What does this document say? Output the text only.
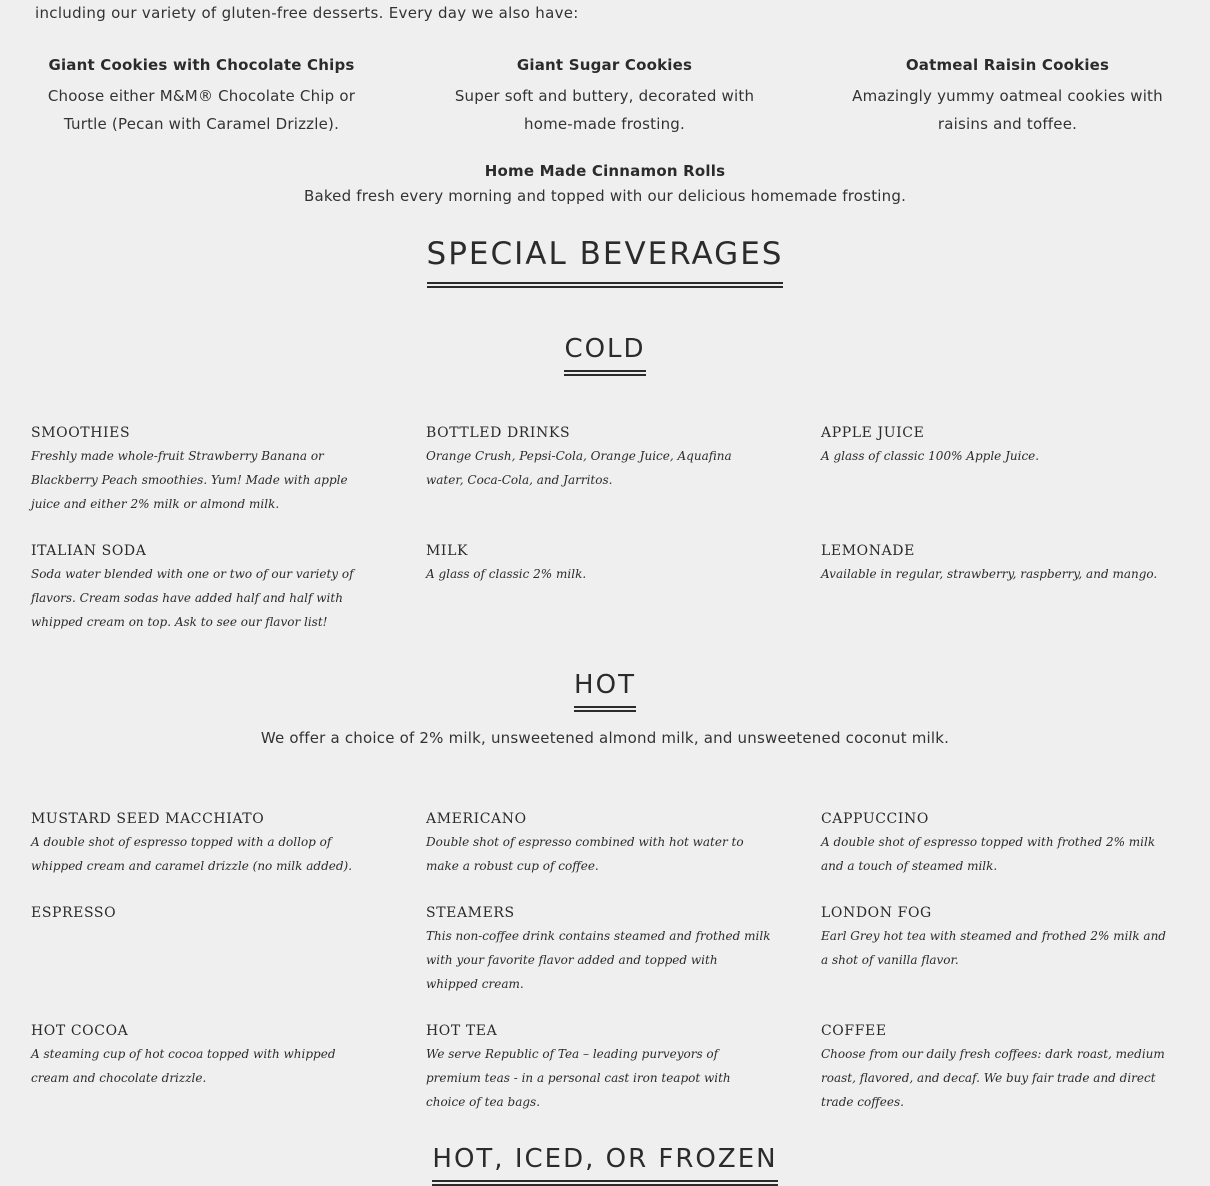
including our variety of gluten-free desserts. Every day we also have:
Giant Cookies with Chocolate Chips
Choose either M&M® Chocolate Chip or Turtle (Pecan with Caramel Drizzle).
Giant Sugar Cookies
Super soft and buttery, decorated with home-made frosting.
Oatmeal Raisin Cookies
Amazingly yummy oatmeal cookies with raisins and toffee.
Home Made Cinnamon Rolls
Baked fresh every morning and topped with our delicious homemade frosting.
SPECIAL BEVERAGES
COLD
SMOOTHIES
Freshly made whole-fruit Strawberry Banana or Blackberry Peach smoothies. Yum! Made with apple juice and either 2% milk or almond milk.
BOTTLED DRINKS
Orange Crush, Pepsi-Cola, Orange Juice, Aquafina water, Coca-Cola, and Jarritos.
APPLE JUICE
A glass of classic 100% Apple Juice.
ITALIAN SODA
Soda water blended with one or two of our variety of flavors. Cream sodas have added half and half with whipped cream on top. Ask to see our flavor list!
MILK
A glass of classic 2% milk.
LEMONADE
Available in regular, strawberry, raspberry, and mango.
HOT
We offer a choice of 2% milk, unsweetened almond milk, and unsweetened coconut milk.
MUSTARD SEED MACCHIATO
A double shot of espresso topped with a dollop of whipped cream and caramel drizzle (no milk added).
AMERICANO
Double shot of espresso combined with hot water to make a robust cup of coffee.
CAPPUCCINO
A double shot of espresso topped with frothed 2% milk and a touch of steamed milk.
ESPRESSO	STEAMERS
This non-coffee drink contains steamed and frothed milk with your favorite flavor added and topped with whipped cream.
LONDON FOG
Earl Grey hot tea with steamed and frothed 2% milk and a shot of vanilla flavor.
HOT COCOA
A steaming cup of hot cocoa topped with whipped cream and chocolate drizzle.
HOT TEA
We serve Republic of Tea – leading purveyors of premium teas - in a personal cast iron teapot with choice of tea bags.
COFFEE
Choose from our daily fresh coffees: dark roast, medium roast, flavored, and decaf. We buy fair trade and direct trade coffees.
HOT, ICED, OR FROZEN
